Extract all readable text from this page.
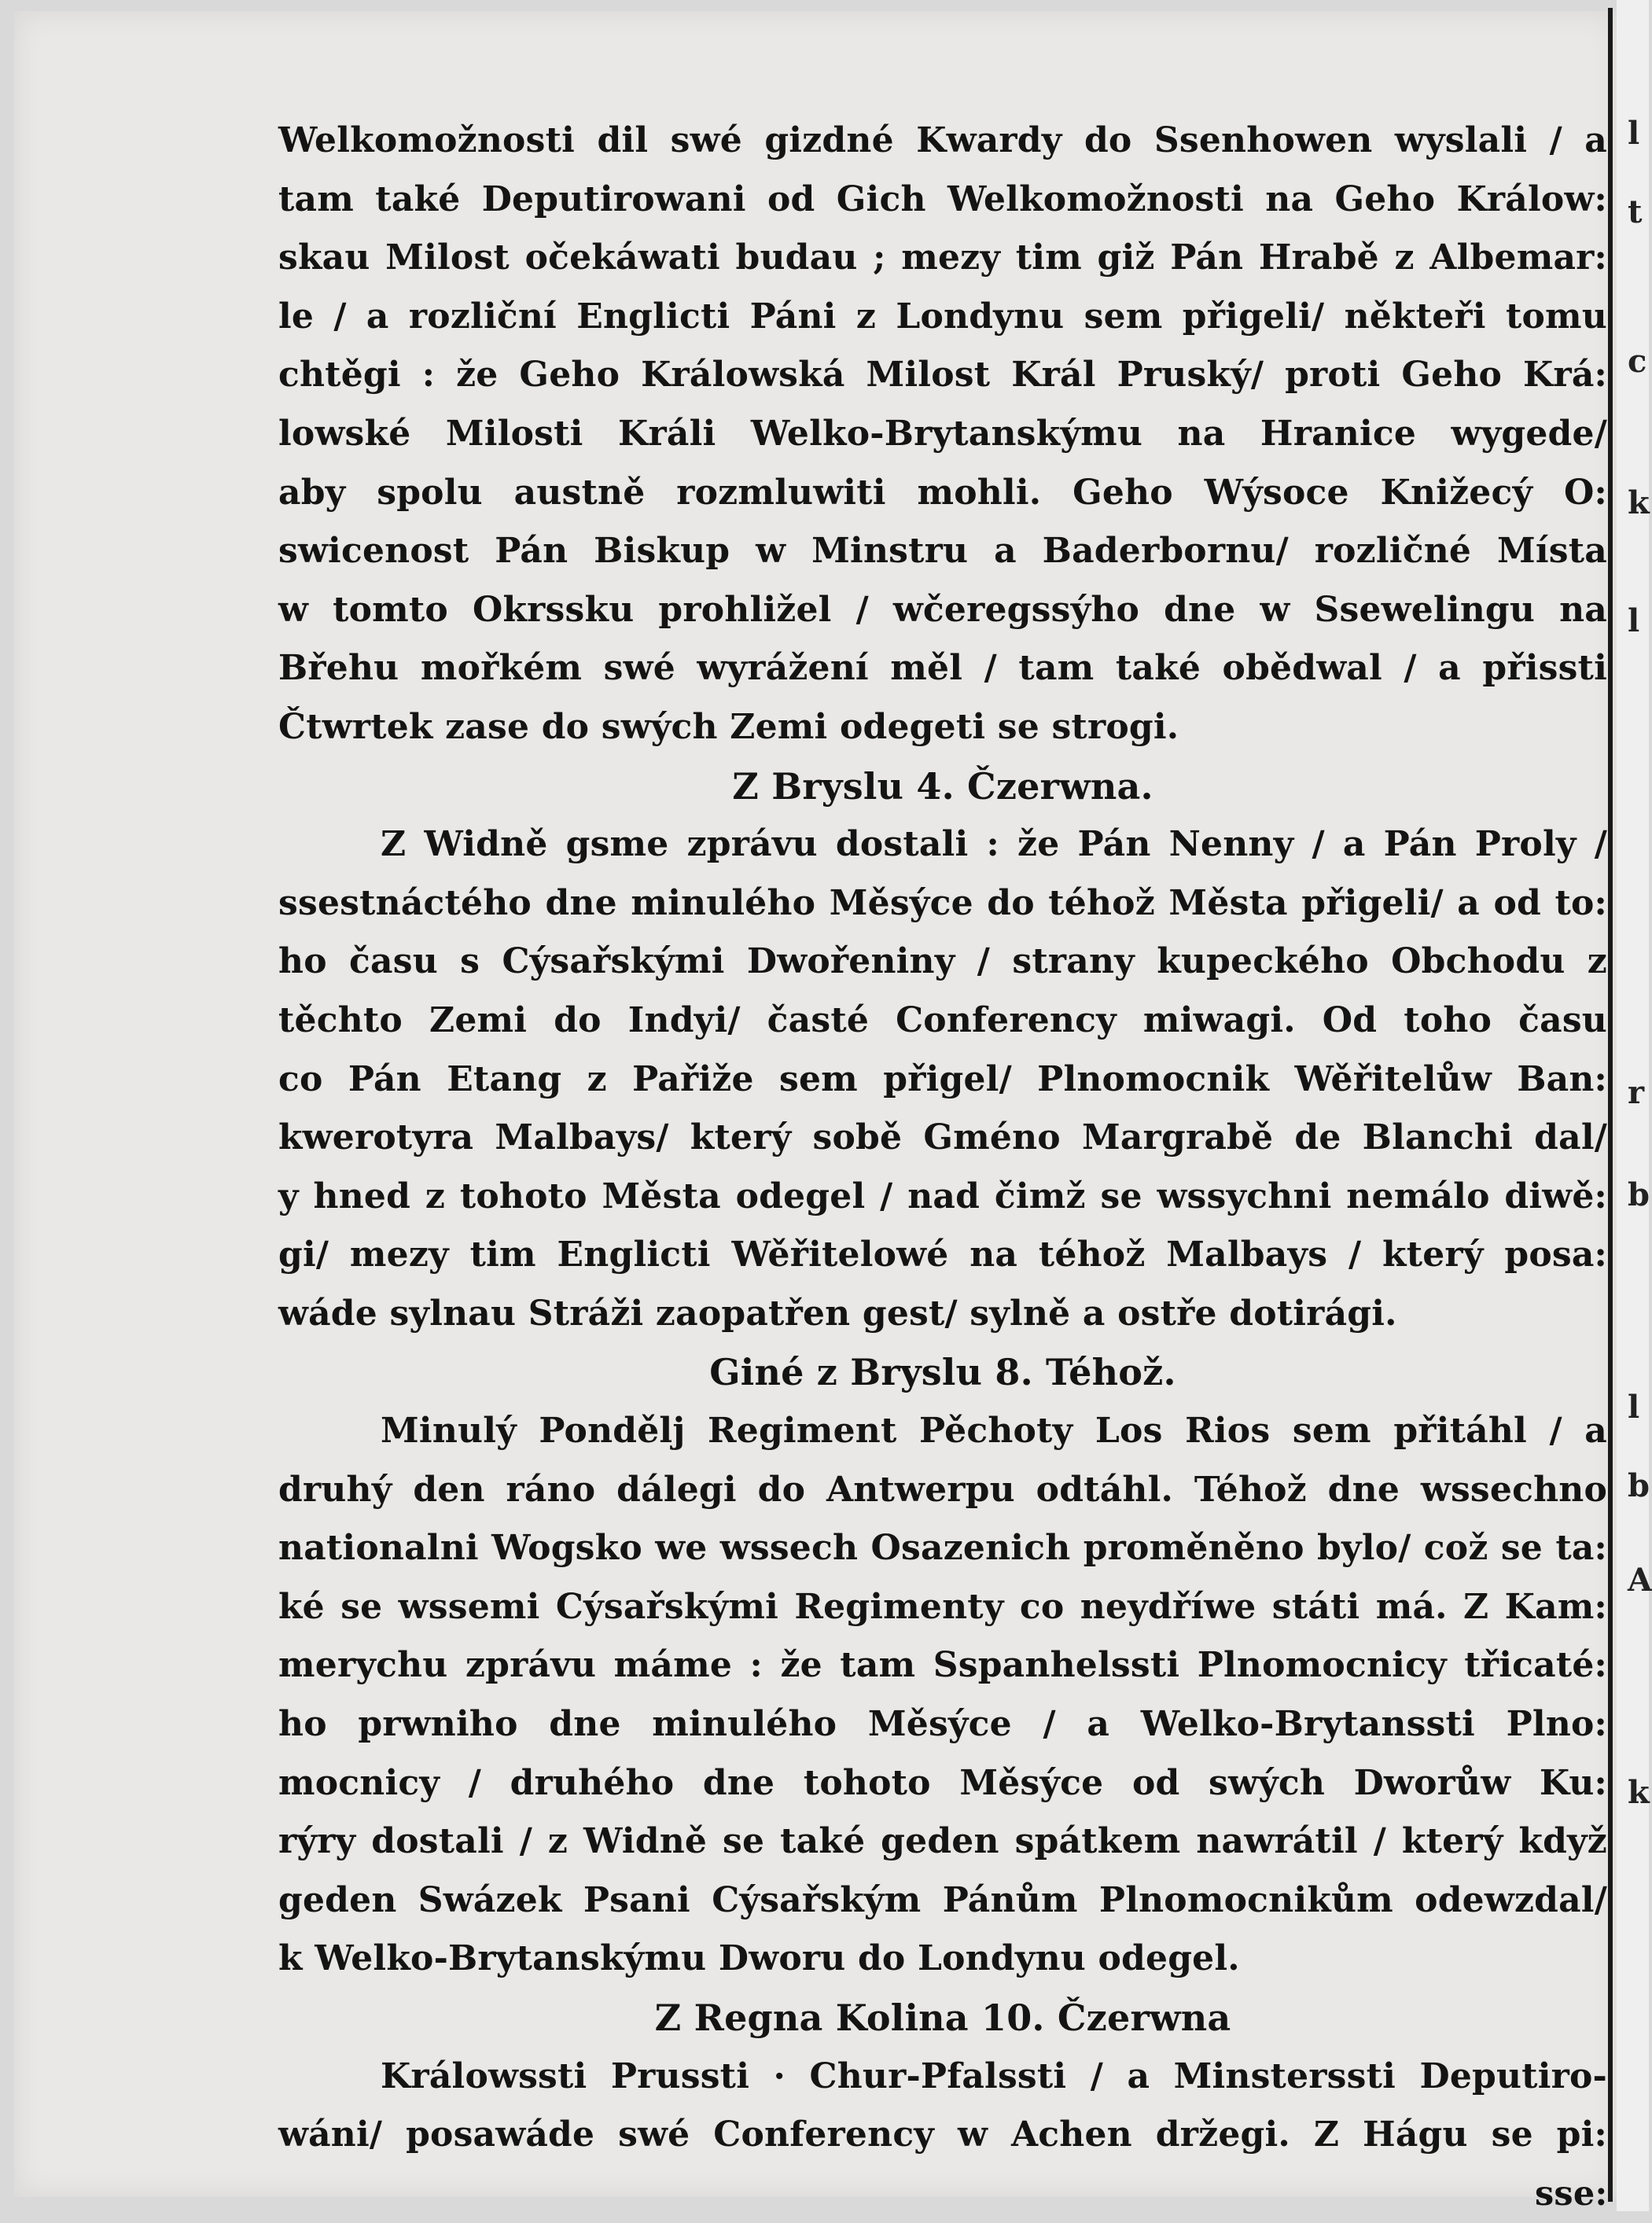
Welkomožnosti dil swé gizdné Kwardy do Ssenhowen wyslali / a
tam také Deputirowani od Gich Welkomožnosti na Geho Králow:
skau Milost očekáwati budau ; mezy tim giž Pán Hrabě z Albemar:
le / a rozliční Englicti Páni z Londynu sem přigeli/ někteři tomu
chtěgi : že Geho Králowská Milost Král Pruský/ proti Geho Krá:
lowské Milosti Králi Welko-Brytanskýmu na Hranice wygede/
aby spolu austně rozmluwiti mohli. Geho Wýsoce Knižecý O:
swicenost Pán Biskup w Minstru a Baderbornu/ rozličné Místa
w tomto Okrssku prohližel / wčeregssýho dne w Ssewelingu na
Břehu mořkém swé wyrážení měl / tam také obědwal / a přissti
Čtwrtek zase do swých Zemi odegeti se strogi.
Z Bryslu 4. Čzerwna.
Z Widně gsme zprávu dostali : že Pán Nenny / a Pán Proly /
ssestnáctého dne minulého Měsýce do téhož Města přigeli/ a od to:
ho času s Cýsařskými Dwořeniny / strany kupeckého Obchodu z
těchto Zemi do Indyi/ časté Conferency miwagi. Od toho času
co Pán Etang z Pařiže sem přigel/ Plnomocnik Wěřitelůw Ban:
kwerotyra Malbays/ který sobě Gméno Margrabě de Blanchi dal/
y hned z tohoto Města odegel / nad čimž se wssychni nemálo diwě:
gi/ mezy tim Englicti Wěřitelowé na téhož Malbays / který posa:
wáde sylnau Stráži zaopatřen gest/ sylně a ostře dotirági.
Giné z Bryslu 8. Téhož.
Minulý Pondělj Regiment Pěchoty Los Rios sem přitáhl / a
druhý den ráno dálegi do Antwerpu odtáhl. Téhož dne wssechno
nationalni Wogsko we wssech Osazenich proměněno bylo/ což se ta:
ké se wssemi Cýsařskými Regimenty co neydříwe státi má. Z Kam:
merychu zprávu máme : že tam Sspanhelssti Plnomocnicy třicaté:
ho prwniho dne minulého Měsýce / a Welko-Brytanssti Plno:
mocnicy / druhého dne tohoto Měsýce od swých Dworůw Ku:
rýry dostali / z Widně se také geden spátkem nawrátil / který když
geden Swázek Psani Cýsařským Pánům Plnomocnikům odewzdal/
k Welko-Brytanskýmu Dworu do Londynu odegel.
Z Regna Kolina 10. Čzerwna
Králowssti Prussti · Chur-Pfalssti / a Minsterssti Deputiro-
wáni/ posawáde swé Conferency w Achen držegi. Z Hágu se pi:
sse:
l
t
c
k
l
r
b
l
b
A
k
